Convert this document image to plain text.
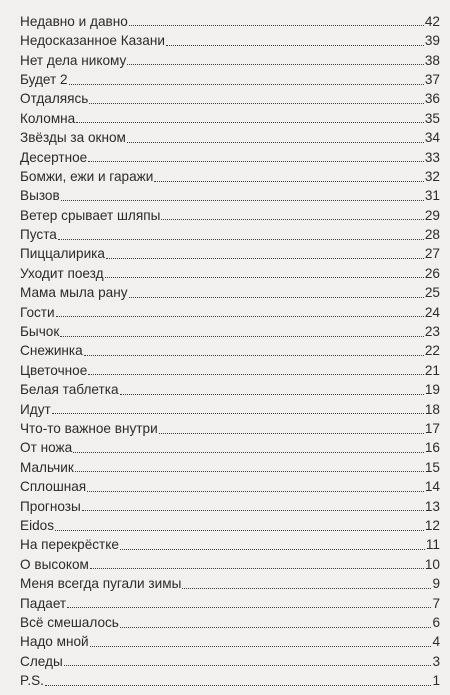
Недавно и давно	42
Недосказанное Казани	39
Нет дела никому	38
Будет 2	37
Отдаляясь	36
Коломна	35
Звёзды за окном	34
Десертное	33
Бомжи, ежи и гаражи	32
Вызов	31
Ветер срывает шляпы	29
Пуста	28
Пиццалирика	27
Уходит поезд	26
Мама мыла рану	25
Гости	24
Бычок	23
Снежинка	22
Цветочное	21
Белая таблетка	19
Идут	18
Что-то важное внутри	17
От ножа	16
Мальчик	15
Сплошная	14
Прогнозы	13
Eidos	12
На перекрёстке	11
О высоком	10
Меня всегда пугали зимы	9
Падает	7
Всё смешалось	6
Надо мной	4
Следы	3
P.S.	1
